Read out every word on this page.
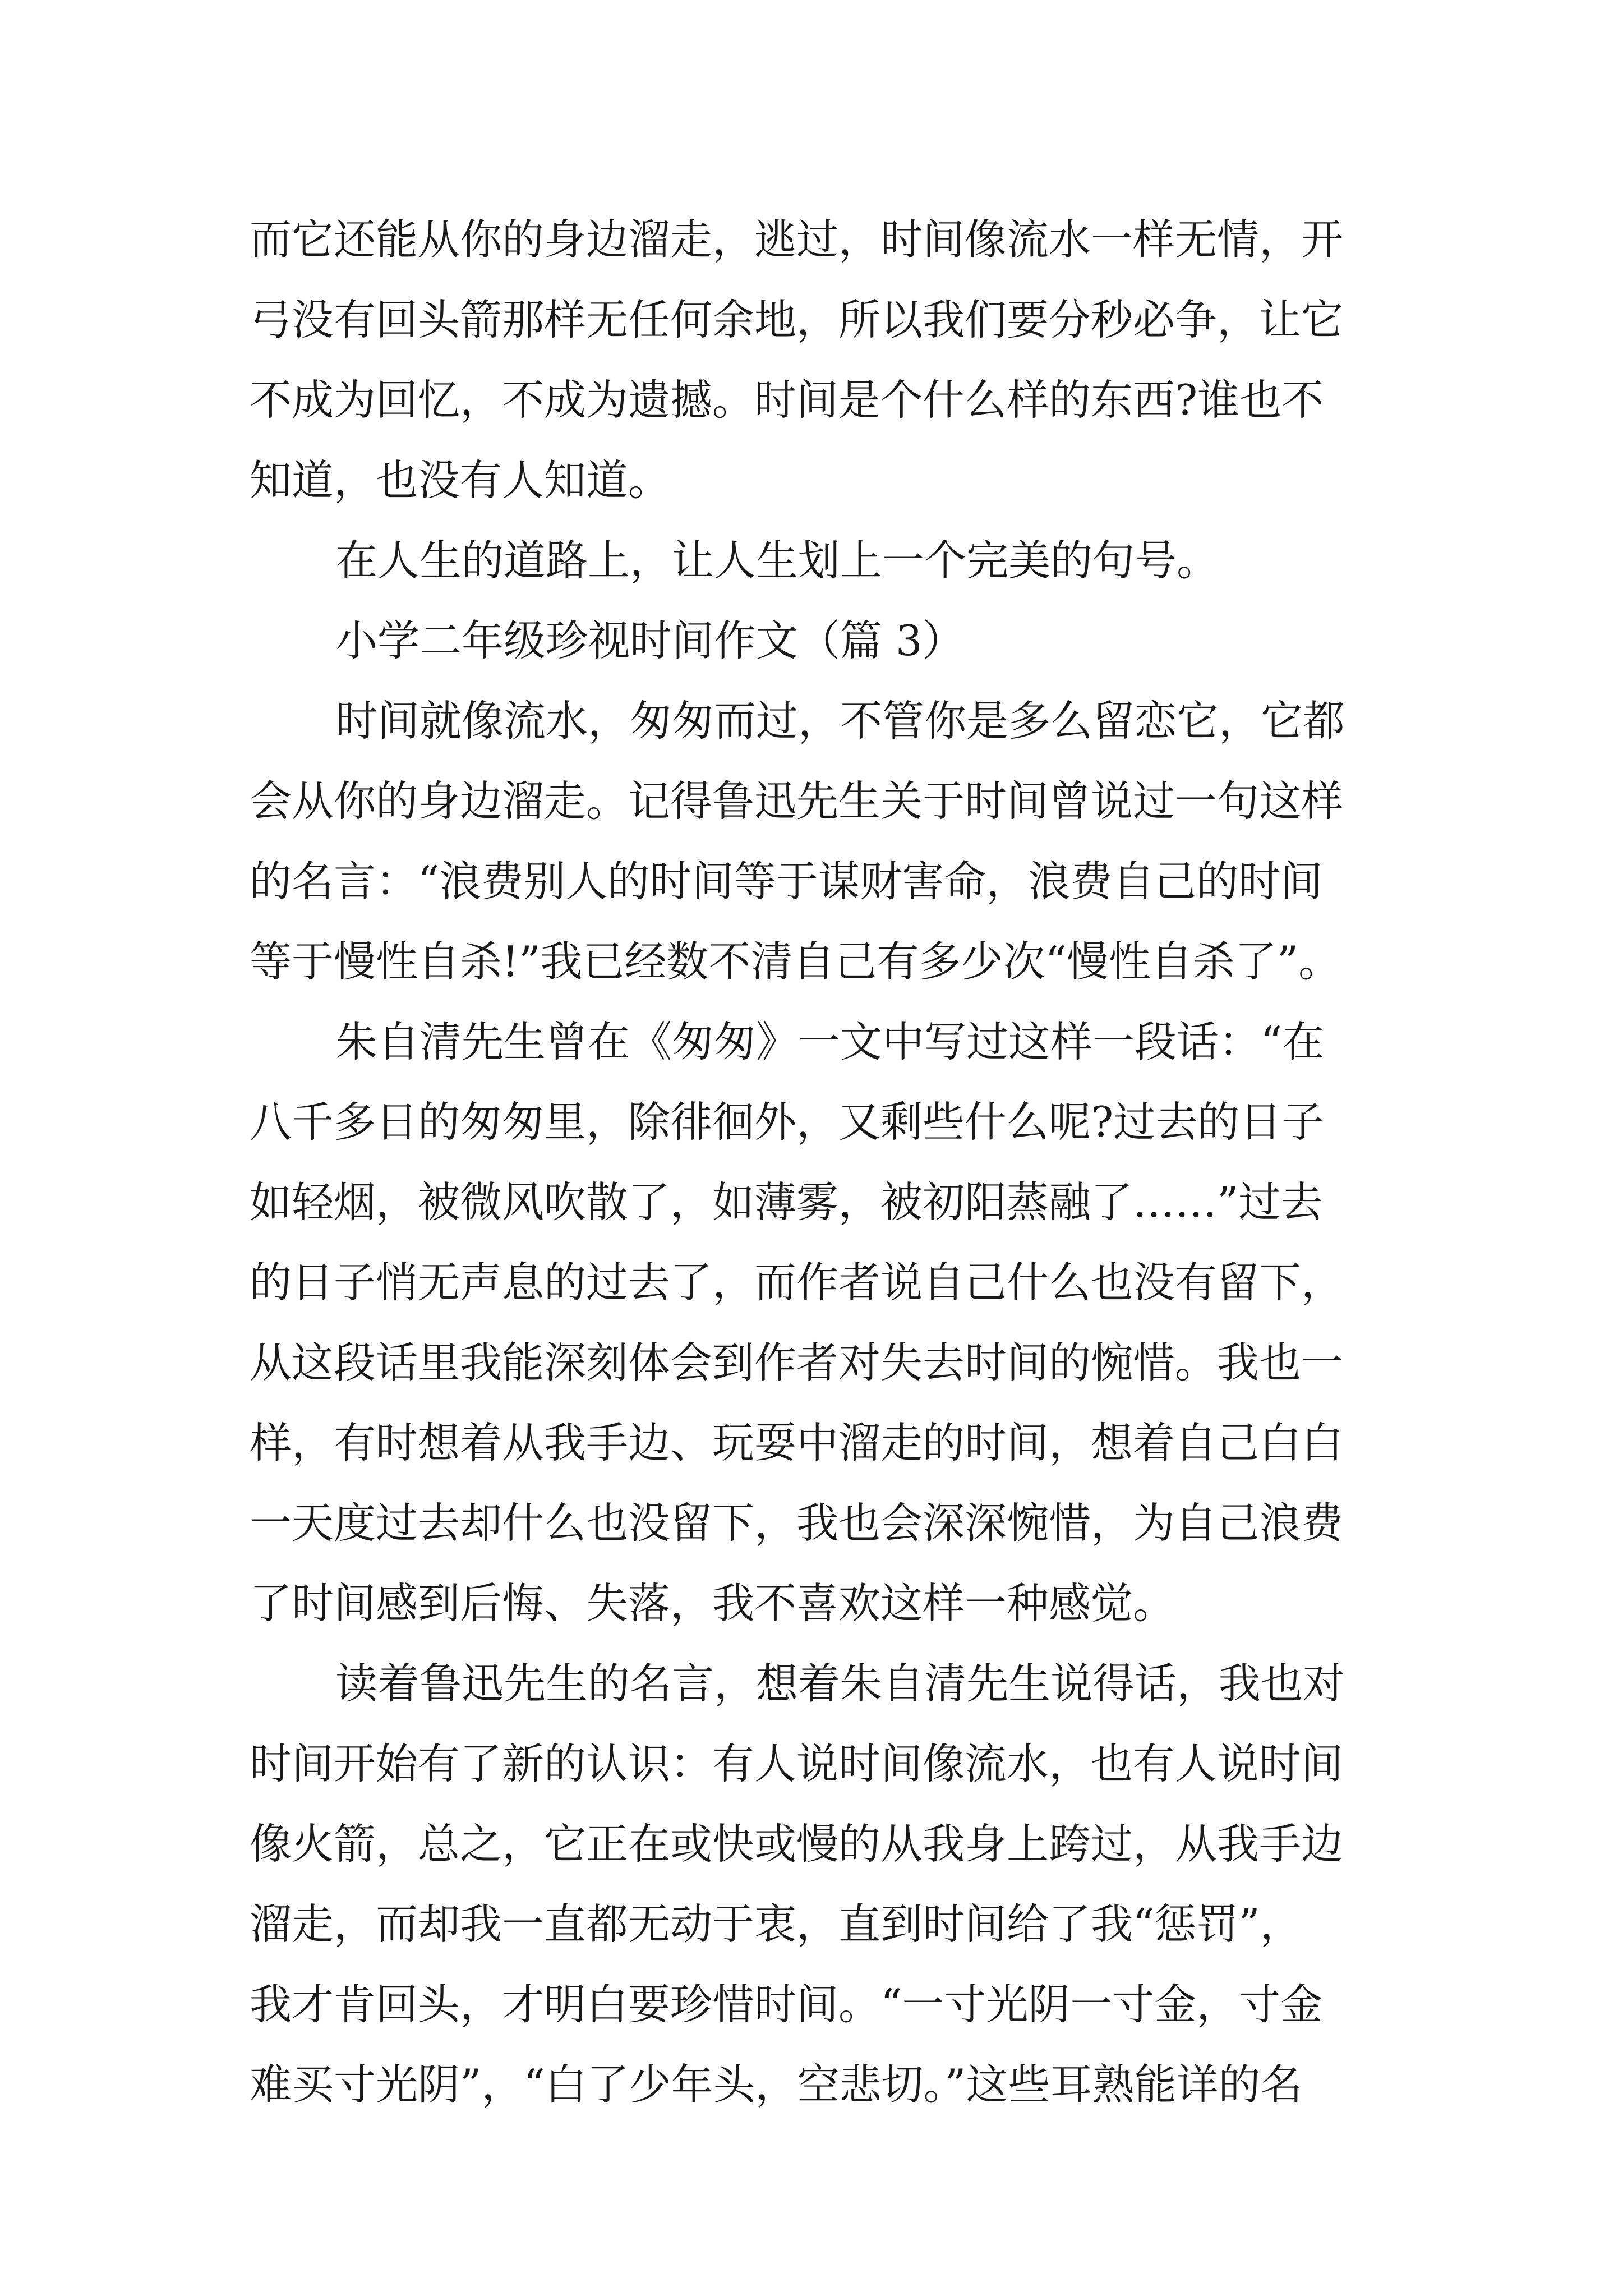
而它还能从你的身边溜走，逃过，时间像流水一样无情，开
弓没有回头箭那样无任何余地，所以我们要分秒必争，让它
不成为回忆，不成为遗撼。时间是个什么样的东西?谁也不
知道，也没有人知道。
在人生的道路上，让人生划上一个完美的句号。
小学二年级珍视时间作文（篇 3）
时间就像流水，匆匆而过，不管你是多么留恋它，它都
会从你的身边溜走。记得鲁迅先生关于时间曾说过一句这样
的名言：“浪费别人的时间等于谋财害命，浪费自己的时间
等于慢性自杀!”我已经数不清自己有多少次“慢性自杀了”。
朱自清先生曾在《匆匆》一文中写过这样一段话：“在
八千多日的匆匆里，除徘徊外，又剩些什么呢?过去的日子
如轻烟，被微风吹散了，如薄雾，被初阳蒸融了……”过去
的日子悄无声息的过去了，而作者说自己什么也没有留下，
从这段话里我能深刻体会到作者对失去时间的惋惜。我也一
样，有时想着从我手边、玩耍中溜走的时间，想着自己白白
一天度过去却什么也没留下，我也会深深惋惜，为自己浪费
了时间感到后悔、失落，我不喜欢这样一种感觉。
读着鲁迅先生的名言，想着朱自清先生说得话，我也对
时间开始有了新的认识：有人说时间像流水，也有人说时间
像火箭，总之，它正在或快或慢的从我身上跨过，从我手边
溜走，而却我一直都无动于衷，直到时间给了我“惩罚”，
我才肯回头，才明白要珍惜时间。“一寸光阴一寸金，寸金
难买寸光阴”，“白了少年头，空悲切。”这些耳熟能详的名
